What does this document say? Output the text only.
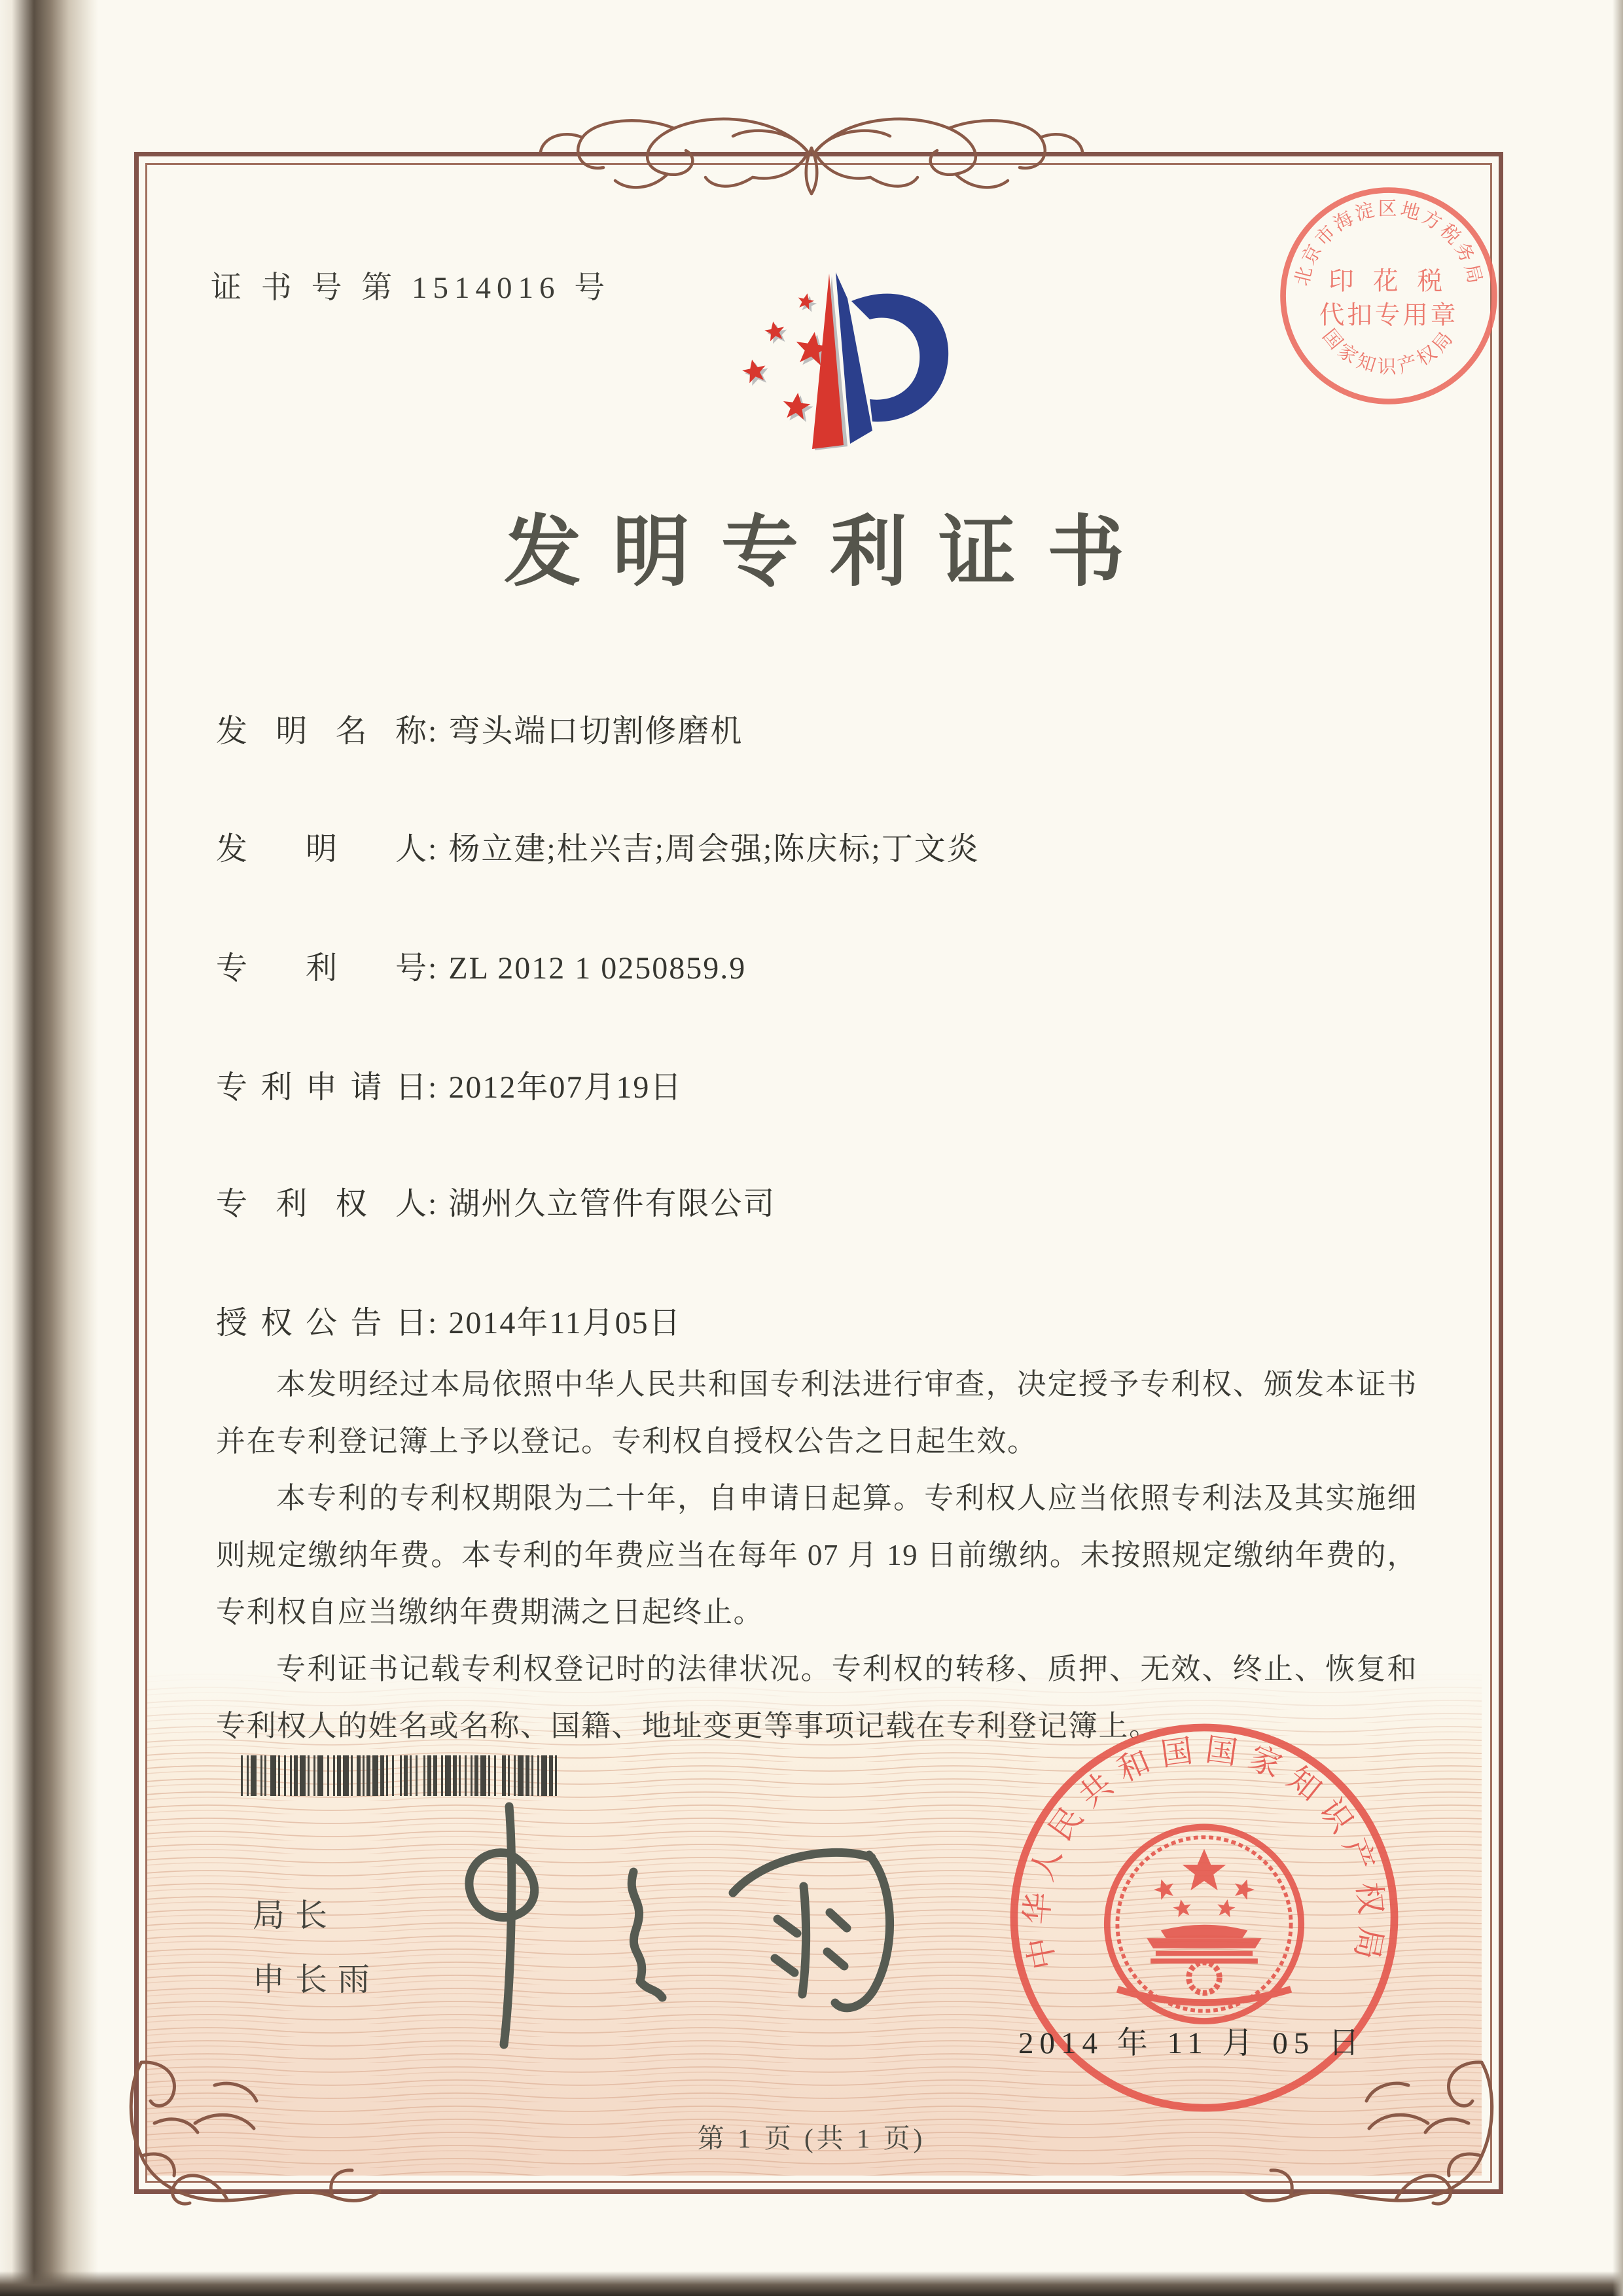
证 书 号 第 1514016 号	北京市海淀区地方税务局
国家知识产权局
印 花 税
代扣专用章
发明专利证书
发明名称: 弯头端口切割修磨机
发明人: 杨立建;杜兴吉;周会强;陈庆标;丁文炎
专利号: ZL 2012 1 0250859.9
专利申请日: 2012年07月19日
专利权人: 湖州久立管件有限公司
授权公告日: 2014年11月05日

本发明经过本局依照中华人民共和国专利法进行审查，决定授予专利权、颁发本证书并在专利登记簿上予以登记。专利权自授权公告之日起生效。

本专利的专利权期限为二十年，自申请日起算。专利权人应当依照专利法及其实施细则规定缴纳年费。本专利的年费应当在每年 07 月 19 日前缴纳。未按照规定缴纳年费的，专利权自应当缴纳年费期满之日起终止。

专利证书记载专利权登记时的法律状况。专利权的转移、质押、无效、终止、恢复和专利权人的姓名或名称、国籍、地址变更等事项记载在专利登记簿上。

局长
申长雨
中华人民共和国国家知识产权局
2014 年 11 月 05 日
第 1 页 (共 1 页)
